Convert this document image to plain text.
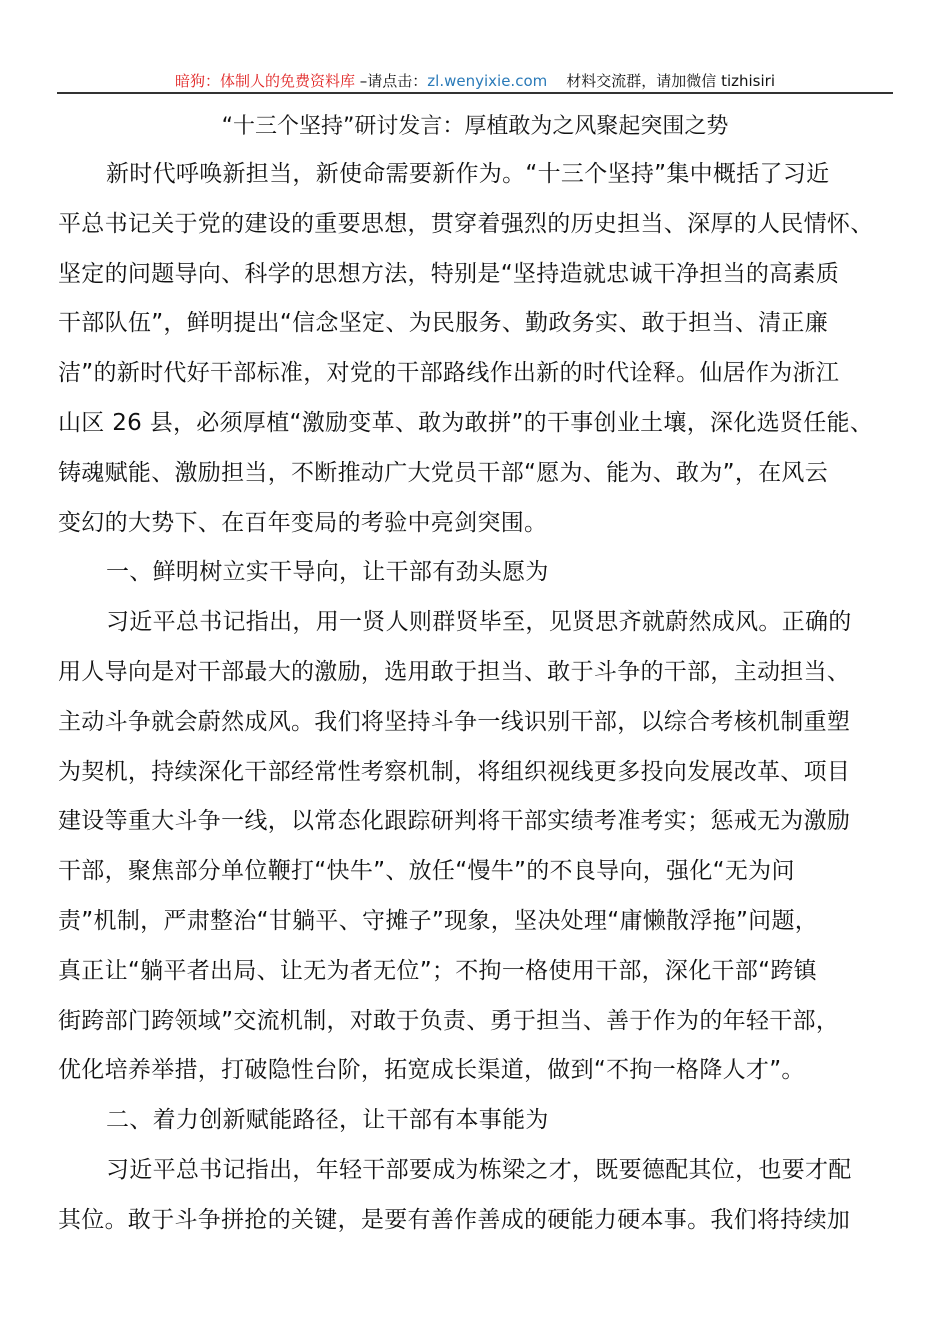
暗狗：体制人的免费资料库 –请点击：zl.wenyixie.com    材料交流群，请加微信 tizhisiri
“十三个坚持”研讨发言：厚植敢为之风聚起突围之势
新时代呼唤新担当，新使命需要新作为。“十三个坚持”集中概括了习近
平总书记关于党的建设的重要思想，贯穿着强烈的历史担当、深厚的人民情怀、
坚定的问题导向、科学的思想方法，特别是“坚持造就忠诚干净担当的高素质
干部队伍”，鲜明提出“信念坚定、为民服务、勤政务实、敢于担当、清正廉
洁”的新时代好干部标准，对党的干部路线作出新的时代诠释。仙居作为浙江
山区 26 县，必须厚植“激励变革、敢为敢拼”的干事创业土壤，深化选贤任能、
铸魂赋能、激励担当，不断推动广大党员干部“愿为、能为、敢为”，在风云
变幻的大势下、在百年变局的考验中亮剑突围。
一、鲜明树立实干导向，让干部有劲头愿为
习近平总书记指出，用一贤人则群贤毕至，见贤思齐就蔚然成风。正确的
用人导向是对干部最大的激励，选用敢于担当、敢于斗争的干部，主动担当、
主动斗争就会蔚然成风。我们将坚持斗争一线识别干部，以综合考核机制重塑
为契机，持续深化干部经常性考察机制，将组织视线更多投向发展改革、项目
建设等重大斗争一线，以常态化跟踪研判将干部实绩考准考实；惩戒无为激励
干部，聚焦部分单位鞭打“快牛”、放任“慢牛”的不良导向，强化“无为问
责”机制，严肃整治“甘躺平、守摊子”现象，坚决处理“庸懒散浮拖”问题，
真正让“躺平者出局、让无为者无位”；不拘一格使用干部，深化干部“跨镇
街跨部门跨领域”交流机制，对敢于负责、勇于担当、善于作为的年轻干部，
优化培养举措，打破隐性台阶，拓宽成长渠道，做到“不拘一格降人才”。
二、着力创新赋能路径，让干部有本事能为
习近平总书记指出，年轻干部要成为栋梁之才，既要德配其位，也要才配
其位。敢于斗争拼抢的关键，是要有善作善成的硬能力硬本事。我们将持续加
